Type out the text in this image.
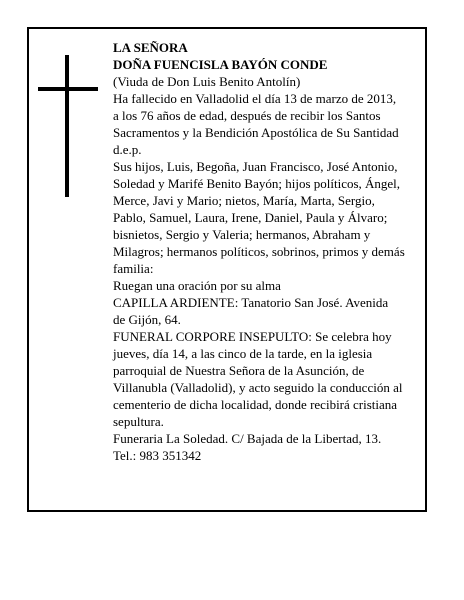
LA SEÑORA
DOÑA FUENCISLA BAYÓN CONDE
(Viuda de Don Luis Benito Antolín)
Ha fallecido en Valladolid el día 13 de marzo de 2013,
a los 76 años de edad, después de recibir los Santos
Sacramentos y la Bendición Apostólica de Su Santidad
d.e.p.
Sus hijos, Luis, Begoña, Juan Francisco, José Antonio,
Soledad y Marifé Benito Bayón; hijos políticos, Ángel,
Merce, Javi y Mario; nietos, María, Marta, Sergio,
Pablo, Samuel, Laura, Irene, Daniel, Paula y Álvaro;
bisnietos, Sergio y Valeria; hermanos, Abraham y
Milagros; hermanos políticos, sobrinos, primos y demás
familia:
Ruegan una oración por su alma
CAPILLA ARDIENTE: Tanatorio San José. Avenida
de Gijón, 64.
FUNERAL CORPORE INSEPULTO: Se celebra hoy
jueves, día 14, a las cinco de la tarde, en la iglesia
parroquial de Nuestra Señora de la Asunción, de
Villanubla (Valladolid), y acto seguido la conducción al
cementerio de dicha localidad, donde recibirá cristiana
sepultura.
Funeraria La Soledad. C/ Bajada de la Libertad, 13.
Tel.: 983 351342
